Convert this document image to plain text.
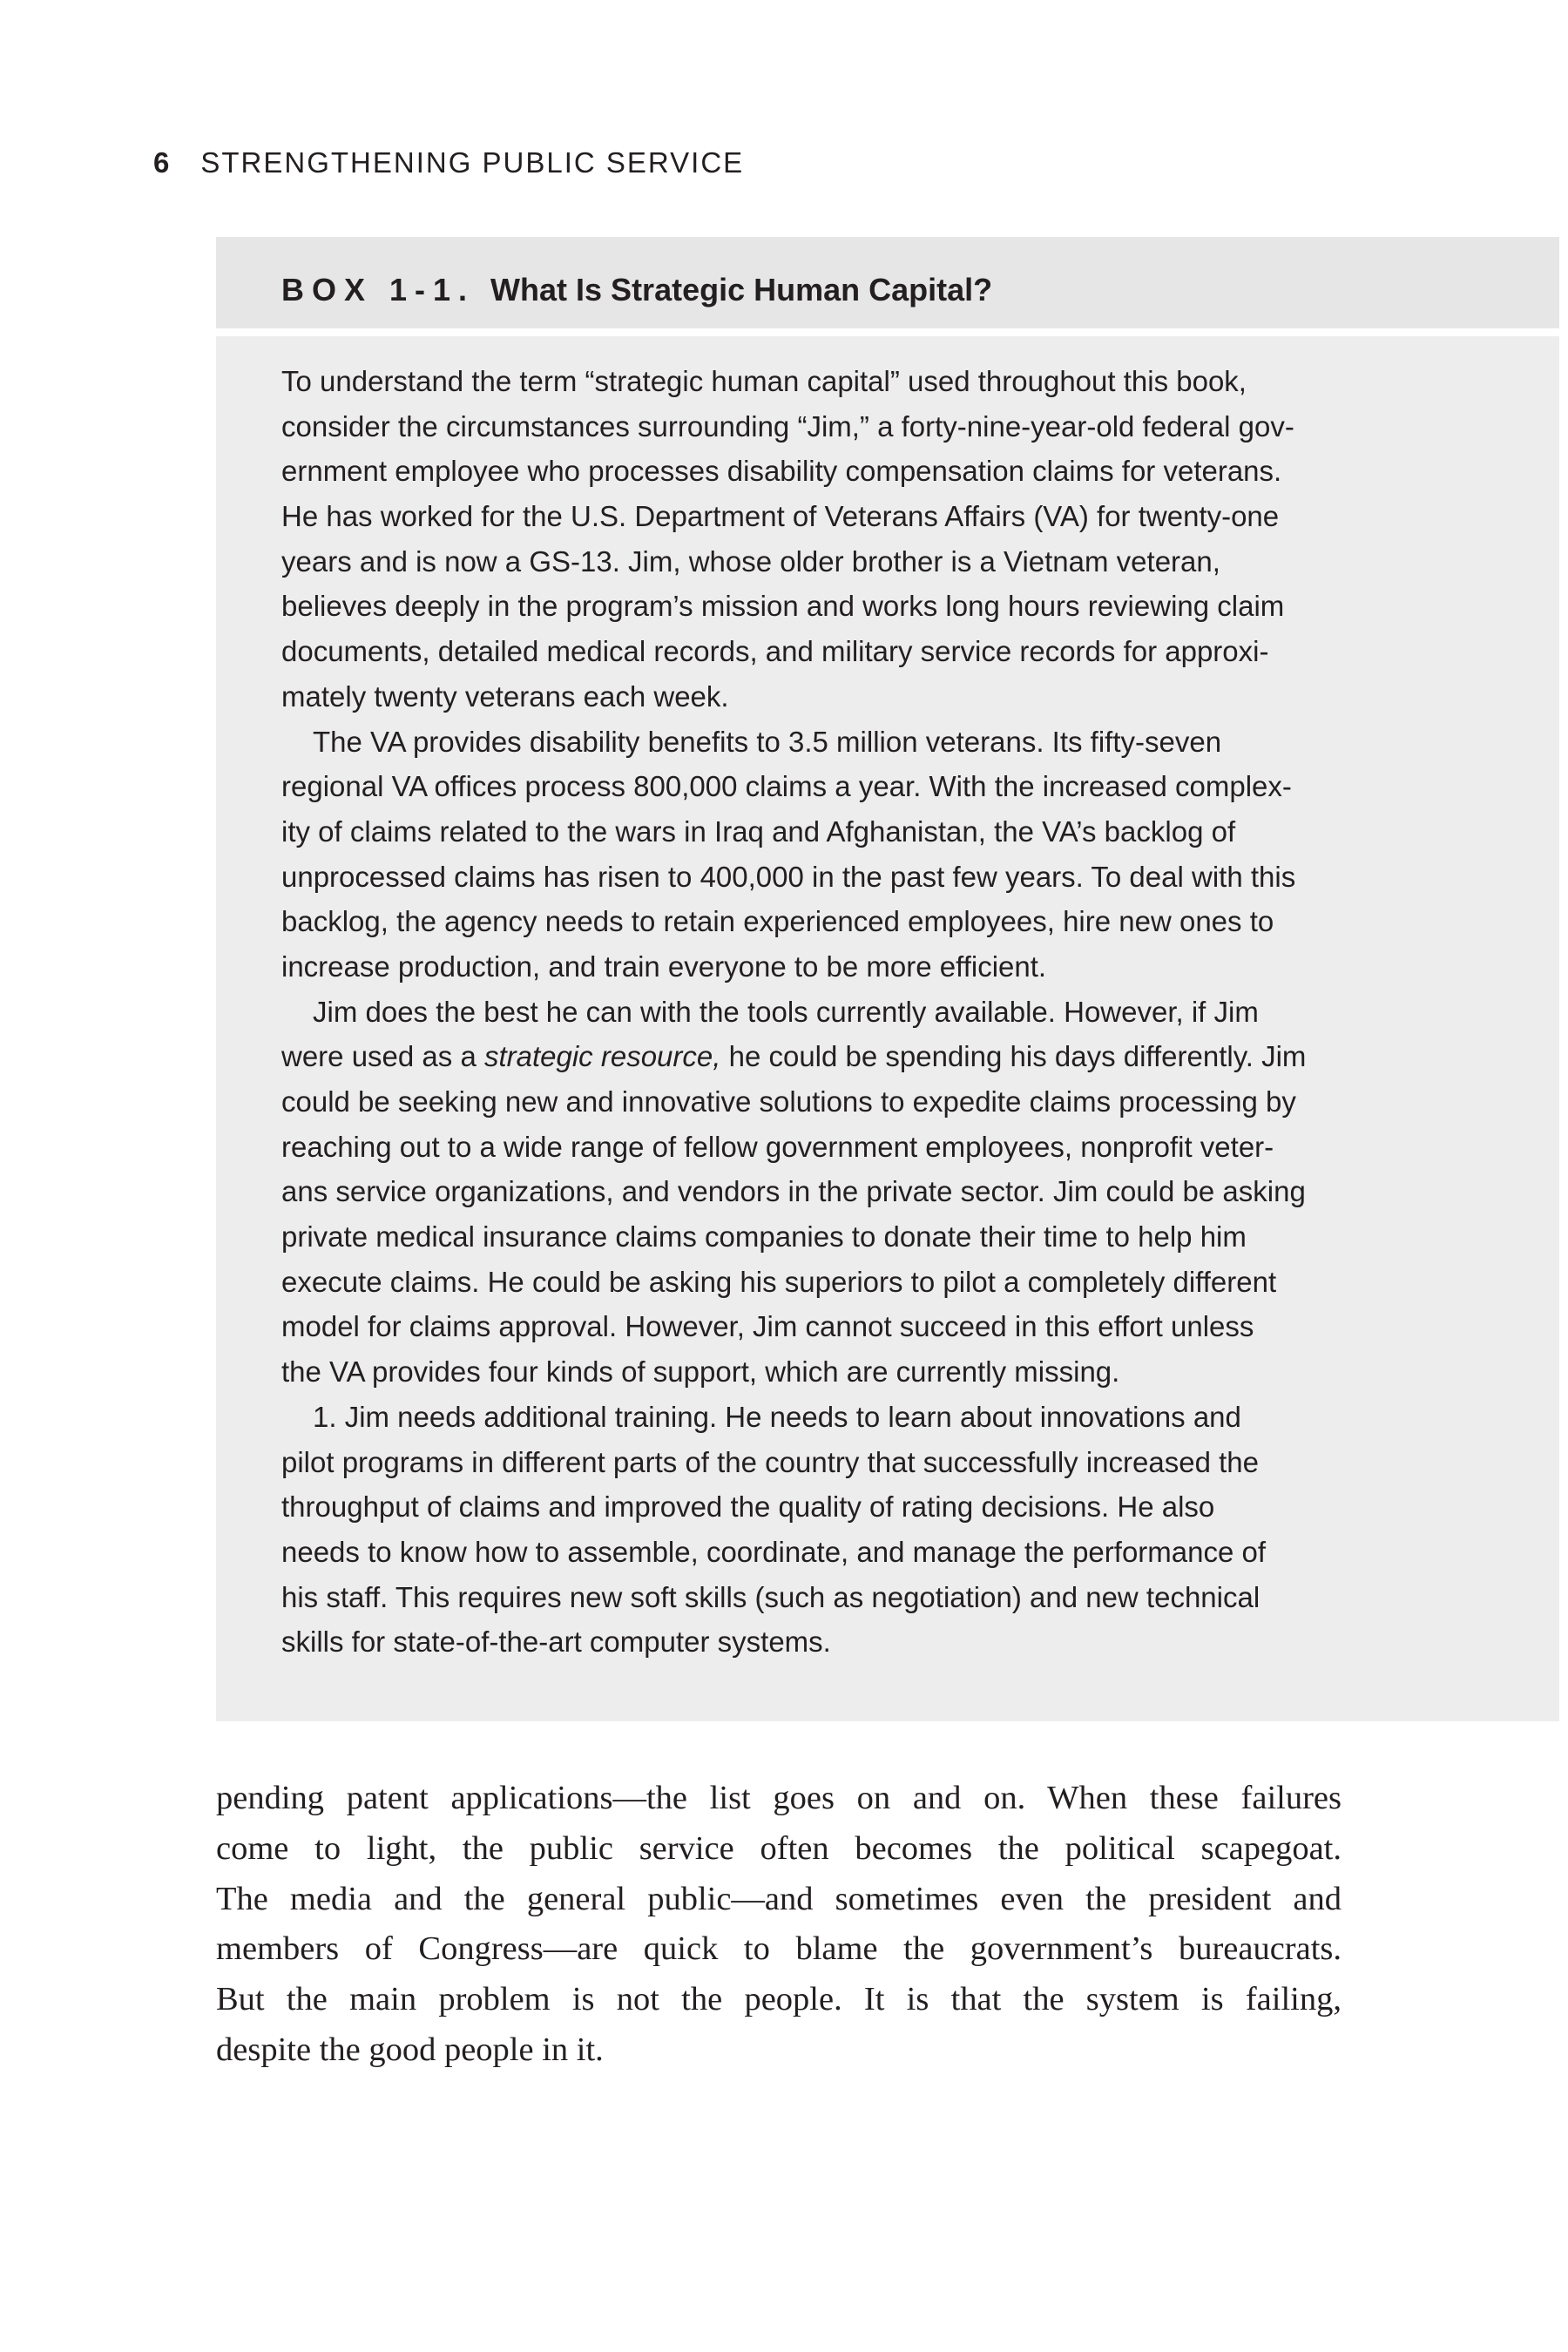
6 STRENGTHENING PUBLIC SERVICE
BOX 1-1. What Is Strategic Human Capital?
To understand the term “strategic human capital” used throughout this book,
consider the circumstances surrounding “Jim,” a forty-nine-year-old federal gov-
ernment employee who processes disability compensation claims for veterans.
He has worked for the U.S. Department of Veterans Affairs (VA) for twenty-one
years and is now a GS-13. Jim, whose older brother is a Vietnam veteran,
believes deeply in the program’s mission and works long hours reviewing claim
documents, detailed medical records, and military service records for approxi-
mately twenty veterans each week.
The VA provides disability benefits to 3.5 million veterans. Its fifty-seven
regional VA offices process 800,000 claims a year. With the increased complex-
ity of claims related to the wars in Iraq and Afghanistan, the VA’s backlog of
unprocessed claims has risen to 400,000 in the past few years. To deal with this
backlog, the agency needs to retain experienced employees, hire new ones to
increase production, and train everyone to be more efficient.
Jim does the best he can with the tools currently available. However, if Jim
were used as a strategic resource, he could be spending his days differently. Jim
could be seeking new and innovative solutions to expedite claims processing by
reaching out to a wide range of fellow government employees, nonprofit veter-
ans service organizations, and vendors in the private sector. Jim could be asking
private medical insurance claims companies to donate their time to help him
execute claims. He could be asking his superiors to pilot a completely different
model for claims approval. However, Jim cannot succeed in this effort unless
the VA provides four kinds of support, which are currently missing.
1. Jim needs additional training. He needs to learn about innovations and
pilot programs in different parts of the country that successfully increased the
throughput of claims and improved the quality of rating decisions. He also
needs to know how to assemble, coordinate, and manage the performance of
his staff. This requires new soft skills (such as negotiation) and new technical
skills for state-of-the-art computer systems.
pending patent applications—the list goes on and on. When these failures
come to light, the public service often becomes the political scapegoat.
The media and the general public—and sometimes even the president and
members of Congress—are quick to blame the government’s bureaucrats.
But the main problem is not the people. It is that the system is failing,
despite the good people in it.
